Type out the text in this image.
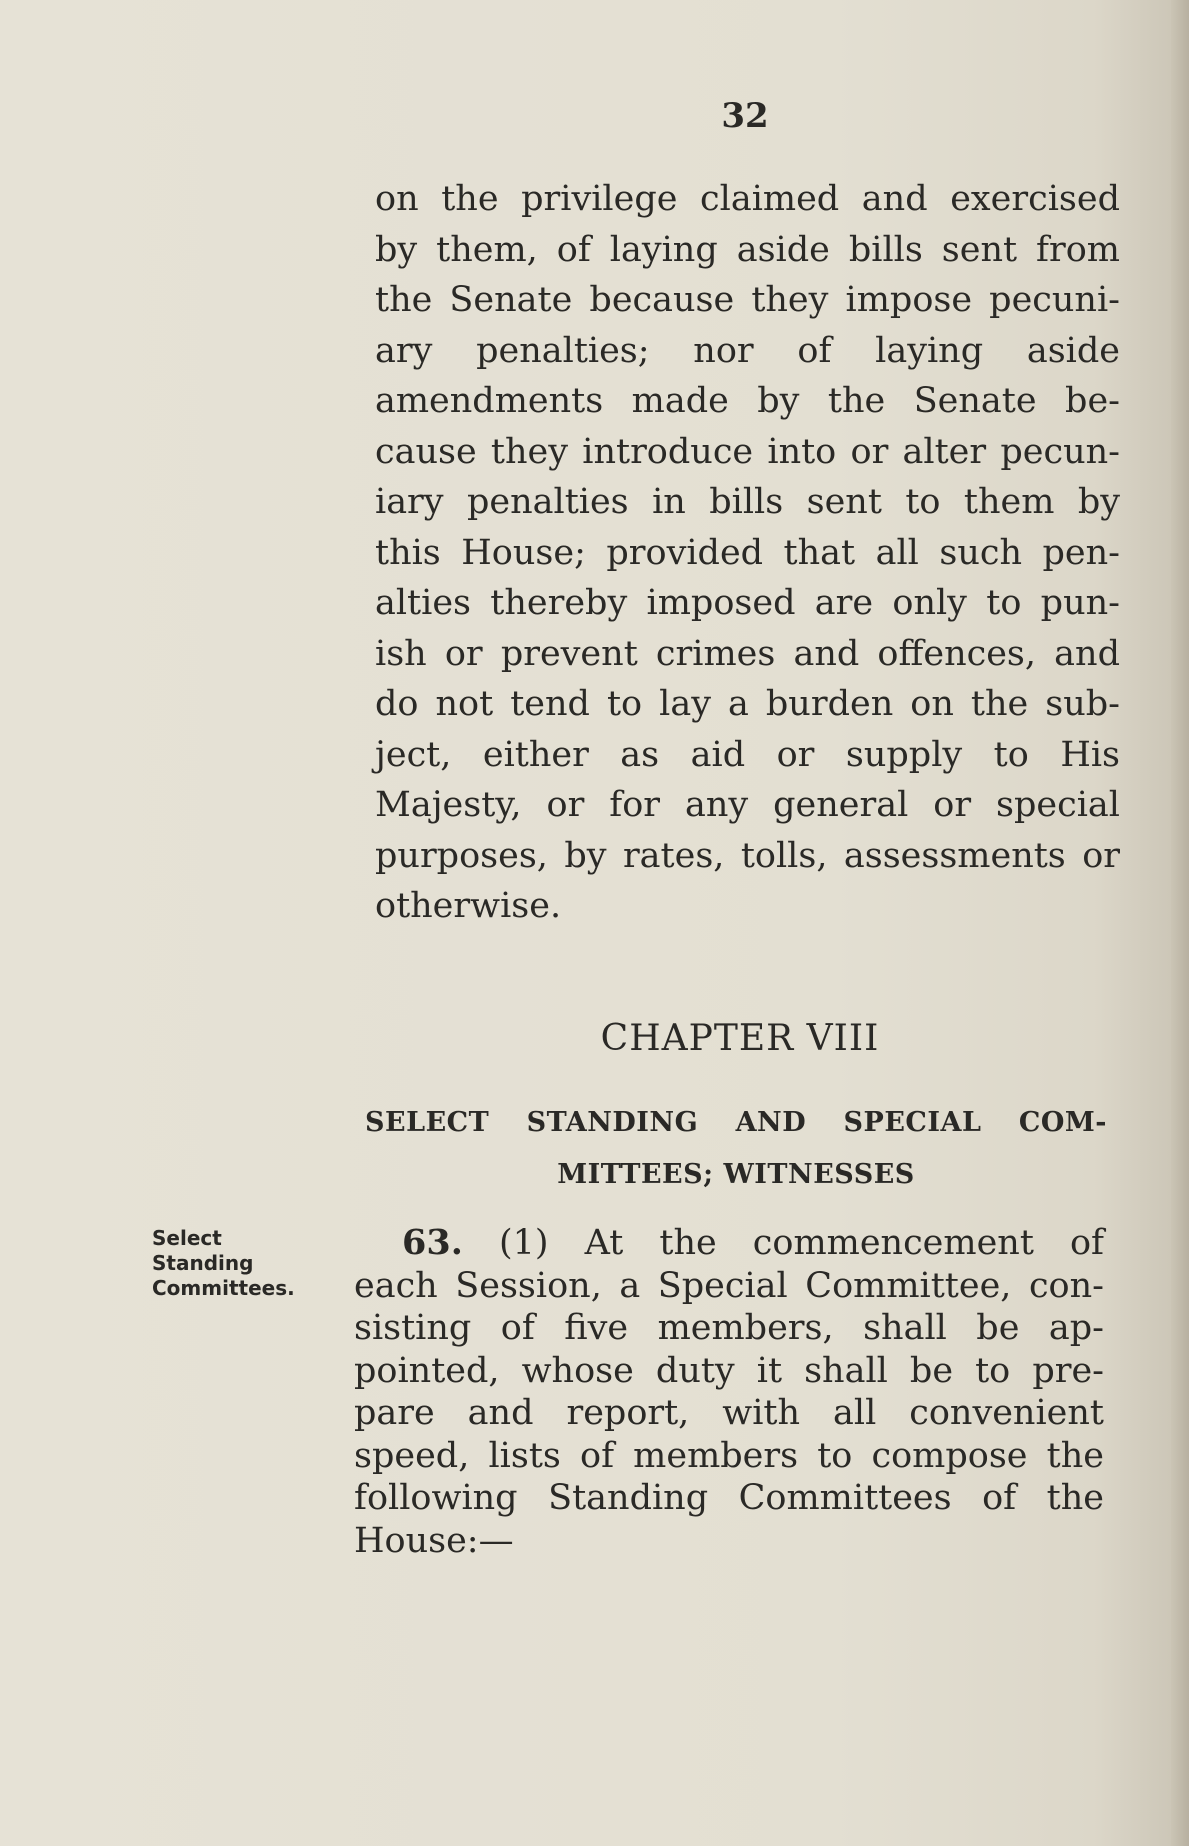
32
on the privilege claimed and exercised
by them, of laying aside bills sent from
the Senate because they impose pecuni-
ary penalties; nor of laying aside
amendments made by the Senate be-
cause they introduce into or alter pecun-
iary penalties in bills sent to them by
this House; provided that all such pen-
alties thereby imposed are only to pun-
ish or prevent crimes and offences, and
do not tend to lay a burden on the sub-
ject, either as aid or supply to His
Majesty, or for any general or special
purposes, by rates, tolls, assessments or
otherwise.
CHAPTER VIII
SELECT STANDING AND SPECIAL COM-
MITTEES; WITNESSES
Select
Standing
Committees.
63. (1) At the commencement of
each Session, a Special Committee, con-
sisting of five members, shall be ap-
pointed, whose duty it shall be to pre-
pare and report, with all convenient
speed, lists of members to compose the
following Standing Committees of the
House:—
